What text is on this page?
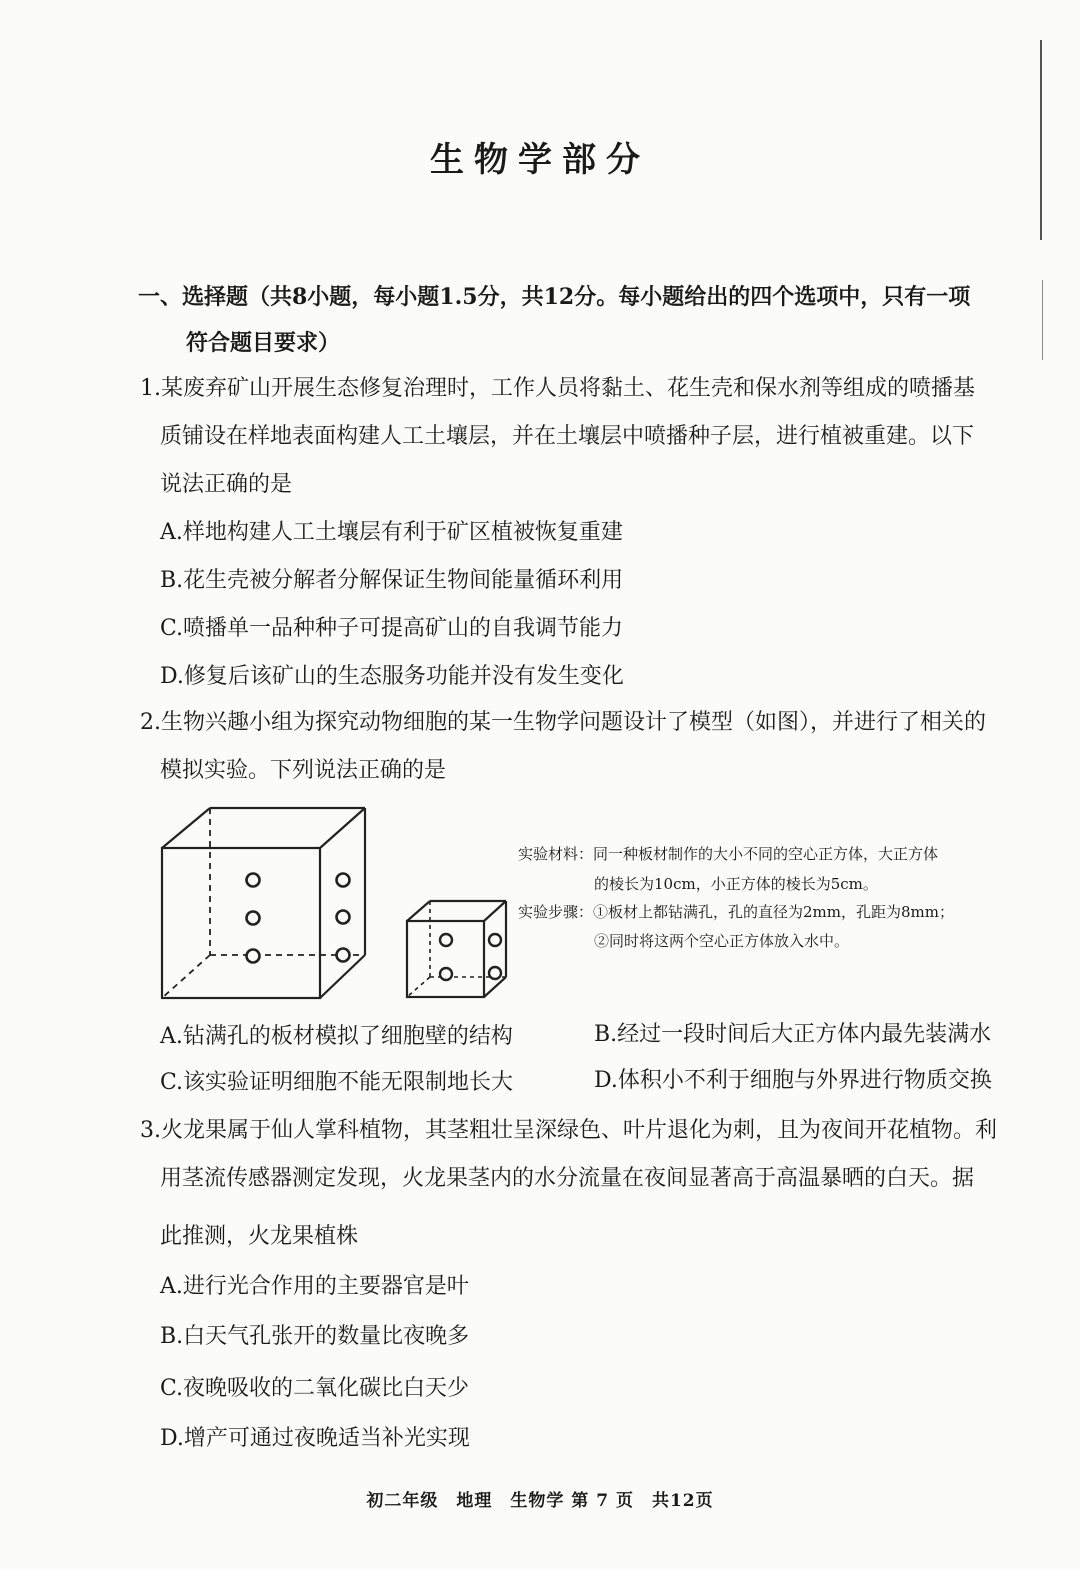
生物学部分
一、选择题（共8小题，每小题1.5分，共12分。每小题给出的四个选项中，只有一项
符合题目要求）
1.某废弃矿山开展生态修复治理时，工作人员将黏土、花生壳和保水剂等组成的喷播基
质铺设在样地表面构建人工土壤层，并在土壤层中喷播种子层，进行植被重建。以下
说法正确的是
A.样地构建人工土壤层有利于矿区植被恢复重建
B.花生壳被分解者分解保证生物间能量循环利用
C.喷播单一品种种子可提高矿山的自我调节能力
D.修复后该矿山的生态服务功能并没有发生变化
2.生物兴趣小组为探究动物细胞的某一生物学问题设计了模型（如图），并进行了相关的
模拟实验。下列说法正确的是
实验材料：同一种板材制作的大小不同的空心正方体，大正方体
的棱长为10cm，小正方体的棱长为5cm。
实验步骤：①板材上都钻满孔，孔的直径为2mm，孔距为8mm；
②同时将这两个空心正方体放入水中。
A.钻满孔的板材模拟了细胞壁的结构	B.经过一段时间后大正方体内最先装满水
C.该实验证明细胞不能无限制地长大	D.体积小不利于细胞与外界进行物质交换
3.火龙果属于仙人掌科植物，其茎粗壮呈深绿色、叶片退化为刺，且为夜间开花植物。利
用茎流传感器测定发现，火龙果茎内的水分流量在夜间显著高于高温暴晒的白天。据
此推测，火龙果植株
A.进行光合作用的主要器官是叶
B.白天气孔张开的数量比夜晚多
C.夜晚吸收的二氧化碳比白天少
D.增产可通过夜晚适当补光实现
初二年级　地理　生物学 第 7 页　共12页
